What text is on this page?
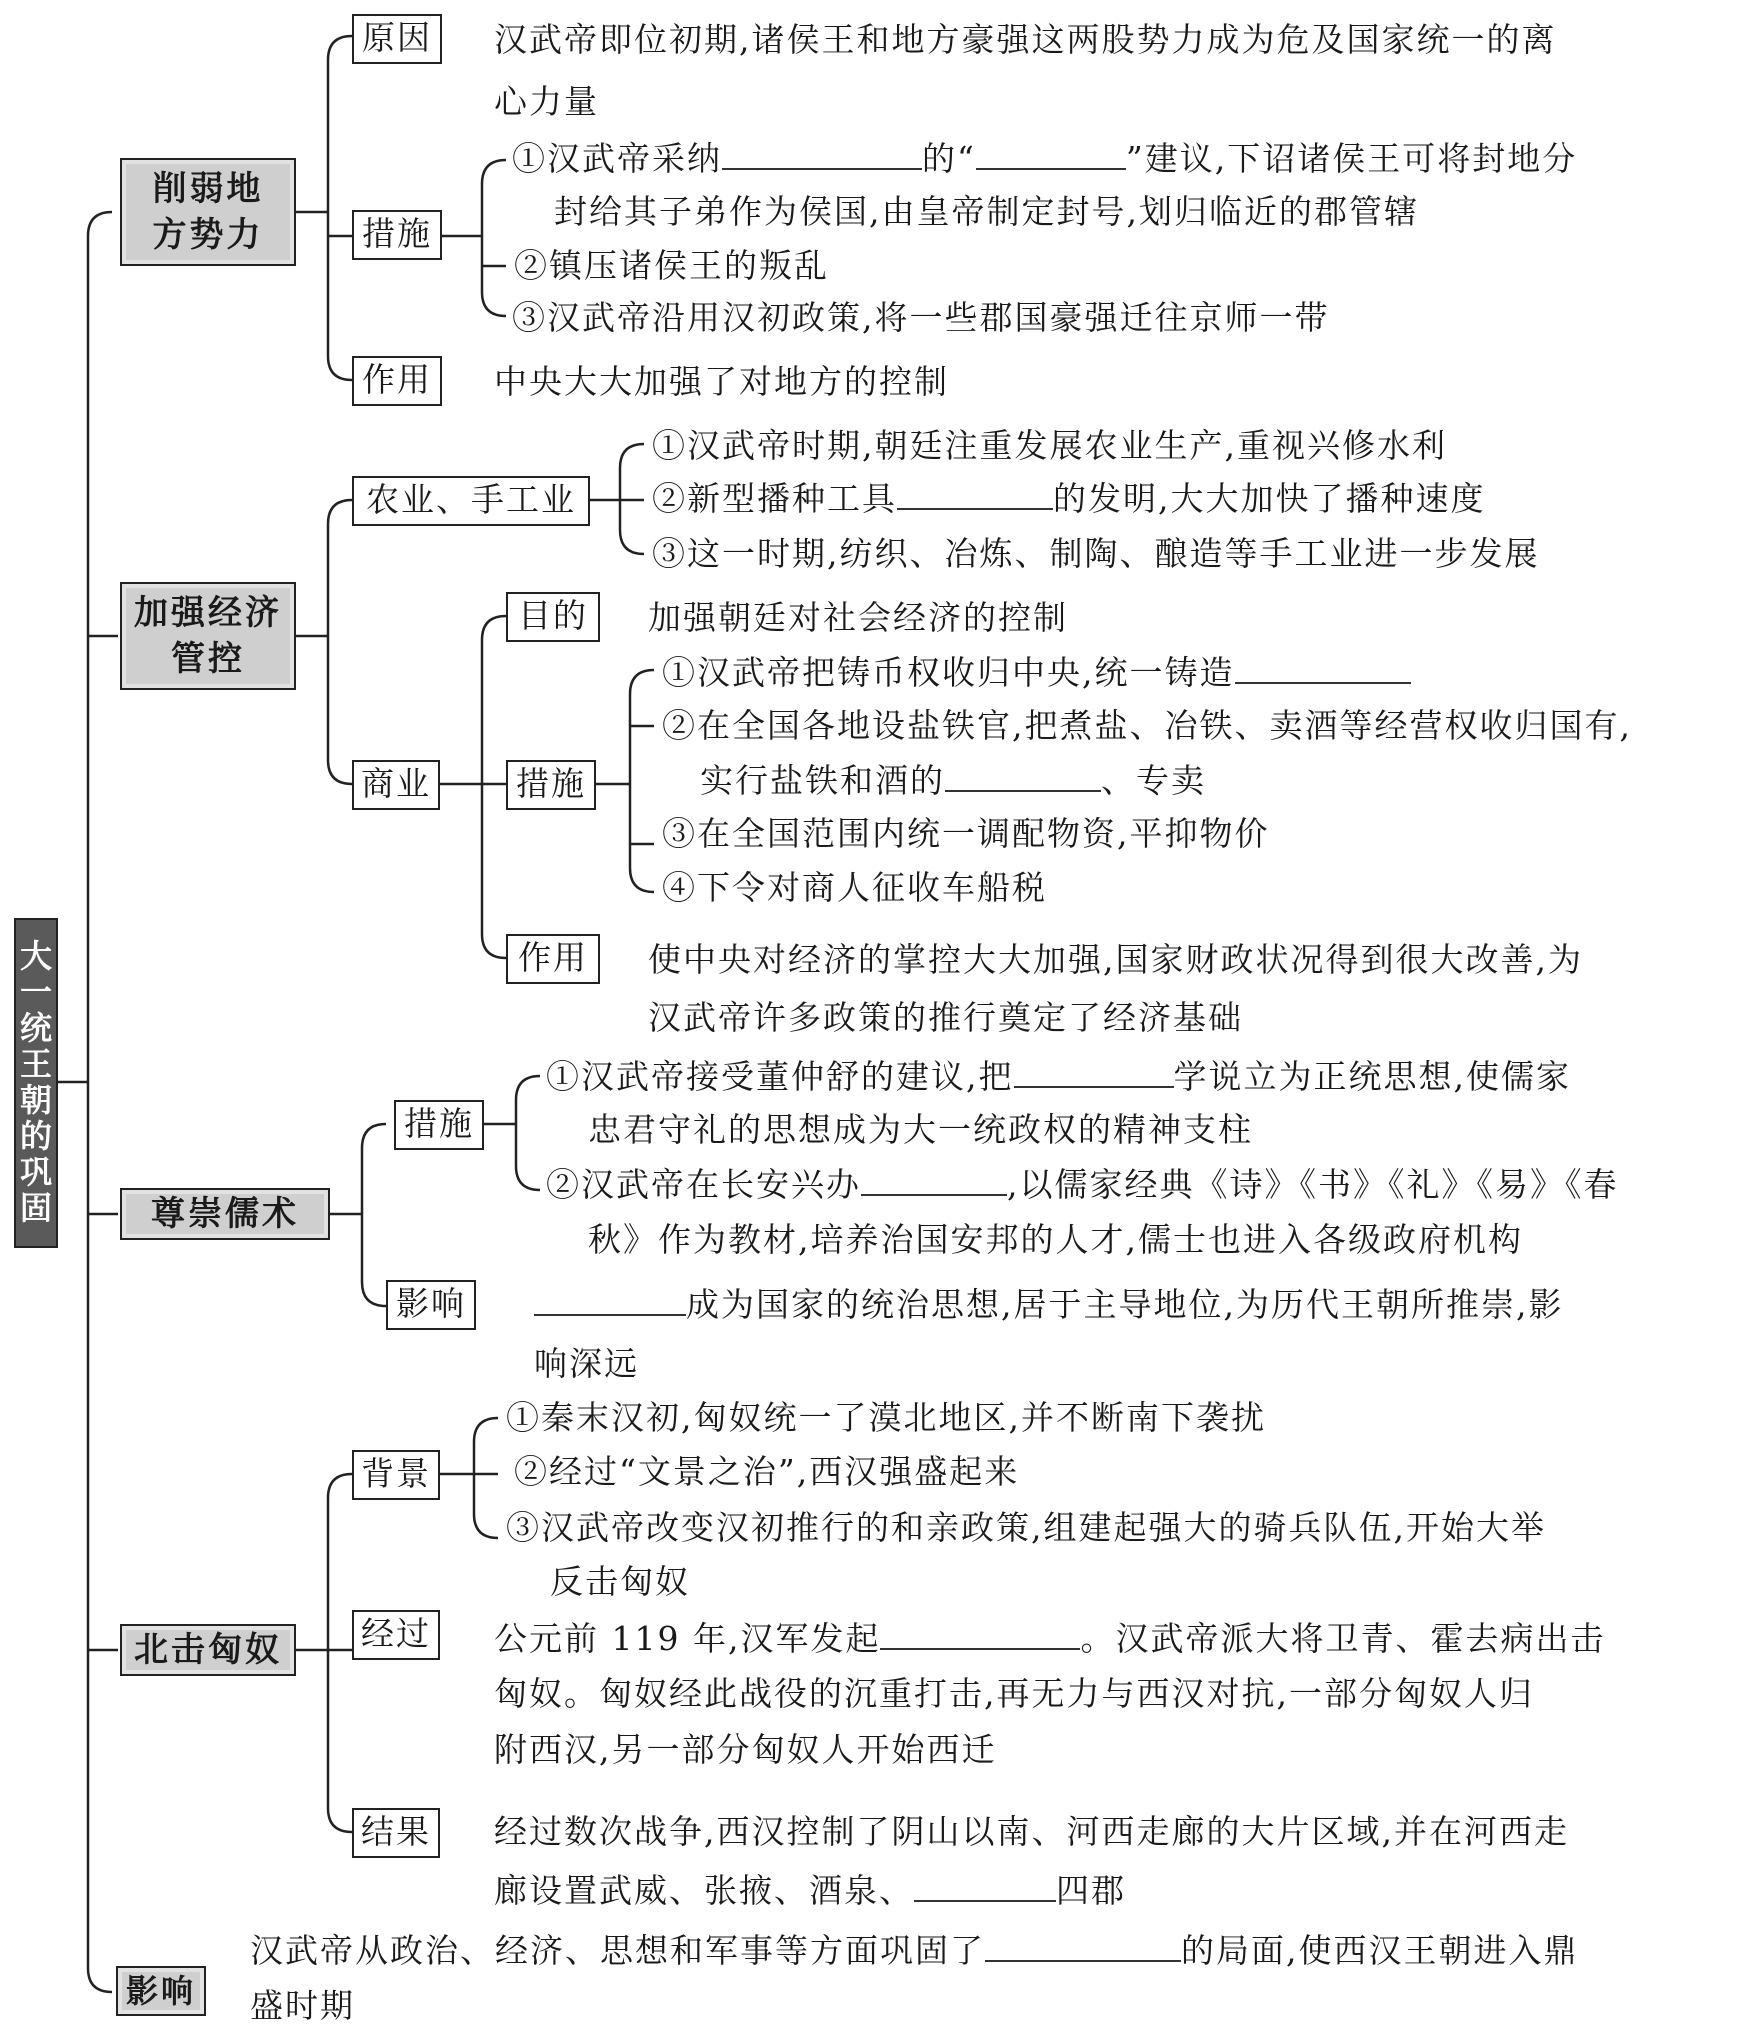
大一统王朝的巩固
削弱地
方势力
原因	汉武帝即位初期,诸侯王和地方豪强这两股势力成为危及国家统一的离
心力量
措施
①汉武帝采纳	的“	”建议,下诏诸侯王可将封地分
封给其子弟作为侯国,由皇帝制定封号,划归临近的郡管辖
②镇压诸侯王的叛乱
③汉武帝沿用汉初政策,将一些郡国豪强迁往京师一带
作用	中央大大加强了对地方的控制
加强经济
管控
农业、手工业
①汉武帝时期,朝廷注重发展农业生产,重视兴修水利
②新型播种工具	的发明,大大加快了播种速度
③这一时期,纺织、冶炼、制陶、酿造等手工业进一步发展
商业
目的	加强朝廷对社会经济的控制
措施
①汉武帝把铸币权收归中央,统一铸造
②在全国各地设盐铁官,把煮盐、冶铁、卖酒等经营权收归国有,
实行盐铁和酒的	、专卖
③在全国范围内统一调配物资,平抑物价
④下令对商人征收车船税
作用	使中央对经济的掌控大大加强,国家财政状况得到很大改善,为
汉武帝许多政策的推行奠定了经济基础
尊崇儒术
措施
①汉武帝接受董仲舒的建议,把	学说立为正统思想,使儒家
忠君守礼的思想成为大一统政权的精神支柱
②汉武帝在长安兴办	,以儒家经典《诗》《书》《礼》《易》《春
秋》作为教材,培养治国安邦的人才,儒士也进入各级政府机构
影响	成为国家的统治思想,居于主导地位,为历代王朝所推崇,影
响深远
北击匈奴
背景
①秦末汉初,匈奴统一了漠北地区,并不断南下袭扰
②经过“文景之治”,西汉强盛起来
③汉武帝改变汉初推行的和亲政策,组建起强大的骑兵队伍,开始大举
反击匈奴
经过 公元前 119 年,汉军发起	。汉武帝派大将卫青、霍去病出击
匈奴。匈奴经此战役的沉重打击,再无力与西汉对抗,一部分匈奴人归
附西汉,另一部分匈奴人开始西迁
结果 经过数次战争,西汉控制了阴山以南、河西走廊的大片区域,并在河西走
廊设置武威、张掖、酒泉、	四郡
影响
汉武帝从政治、经济、思想和军事等方面巩固了	的局面,使西汉王朝进入鼎
盛时期
